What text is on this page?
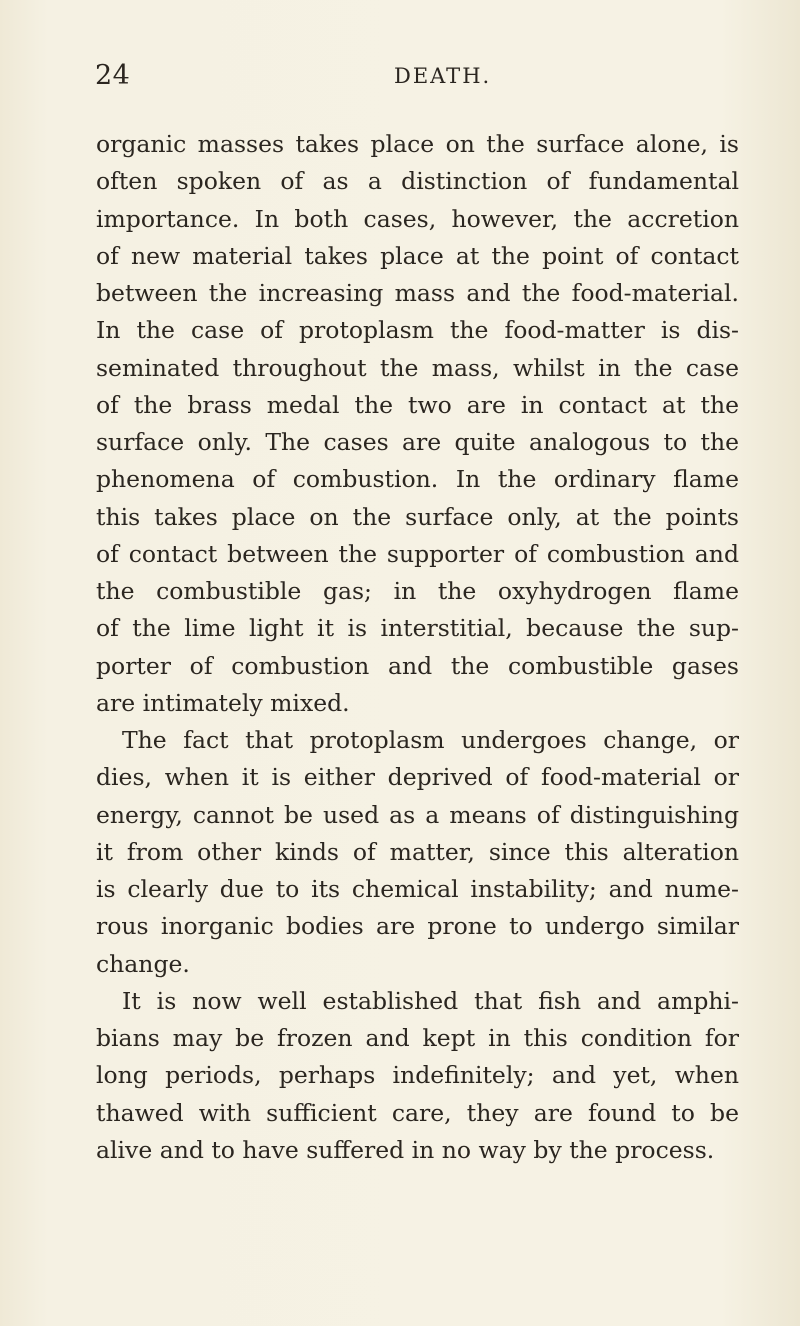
24	DEATH.
organic masses takes place on the surface alone, is
often spoken of as a distinction of fundamental
importance. In both cases, however, the accretion
of new material takes place at the point of contact
between the increasing mass and the food-material.
In the case of protoplasm the food-matter is dis-
seminated throughout the mass, whilst in the case
of the brass medal the two are in contact at the
surface only. The cases are quite analogous to the
phenomena of combustion. In the ordinary flame
this takes place on the surface only, at the points
of contact between the supporter of combustion and
the combustible gas; in the oxyhydrogen flame
of the lime light it is interstitial, because the sup-
porter of combustion and the combustible gases
are intimately mixed.
The fact that protoplasm undergoes change, or
dies, when it is either deprived of food-material or
energy, cannot be used as a means of distinguishing
it from other kinds of matter, since this alteration
is clearly due to its chemical instability; and nume-
rous inorganic bodies are prone to undergo similar
change.
It is now well established that fish and amphi-
bians may be frozen and kept in this condition for
long periods, perhaps indefinitely; and yet, when
thawed with sufficient care, they are found to be
alive and to have suffered in no way by the process.
